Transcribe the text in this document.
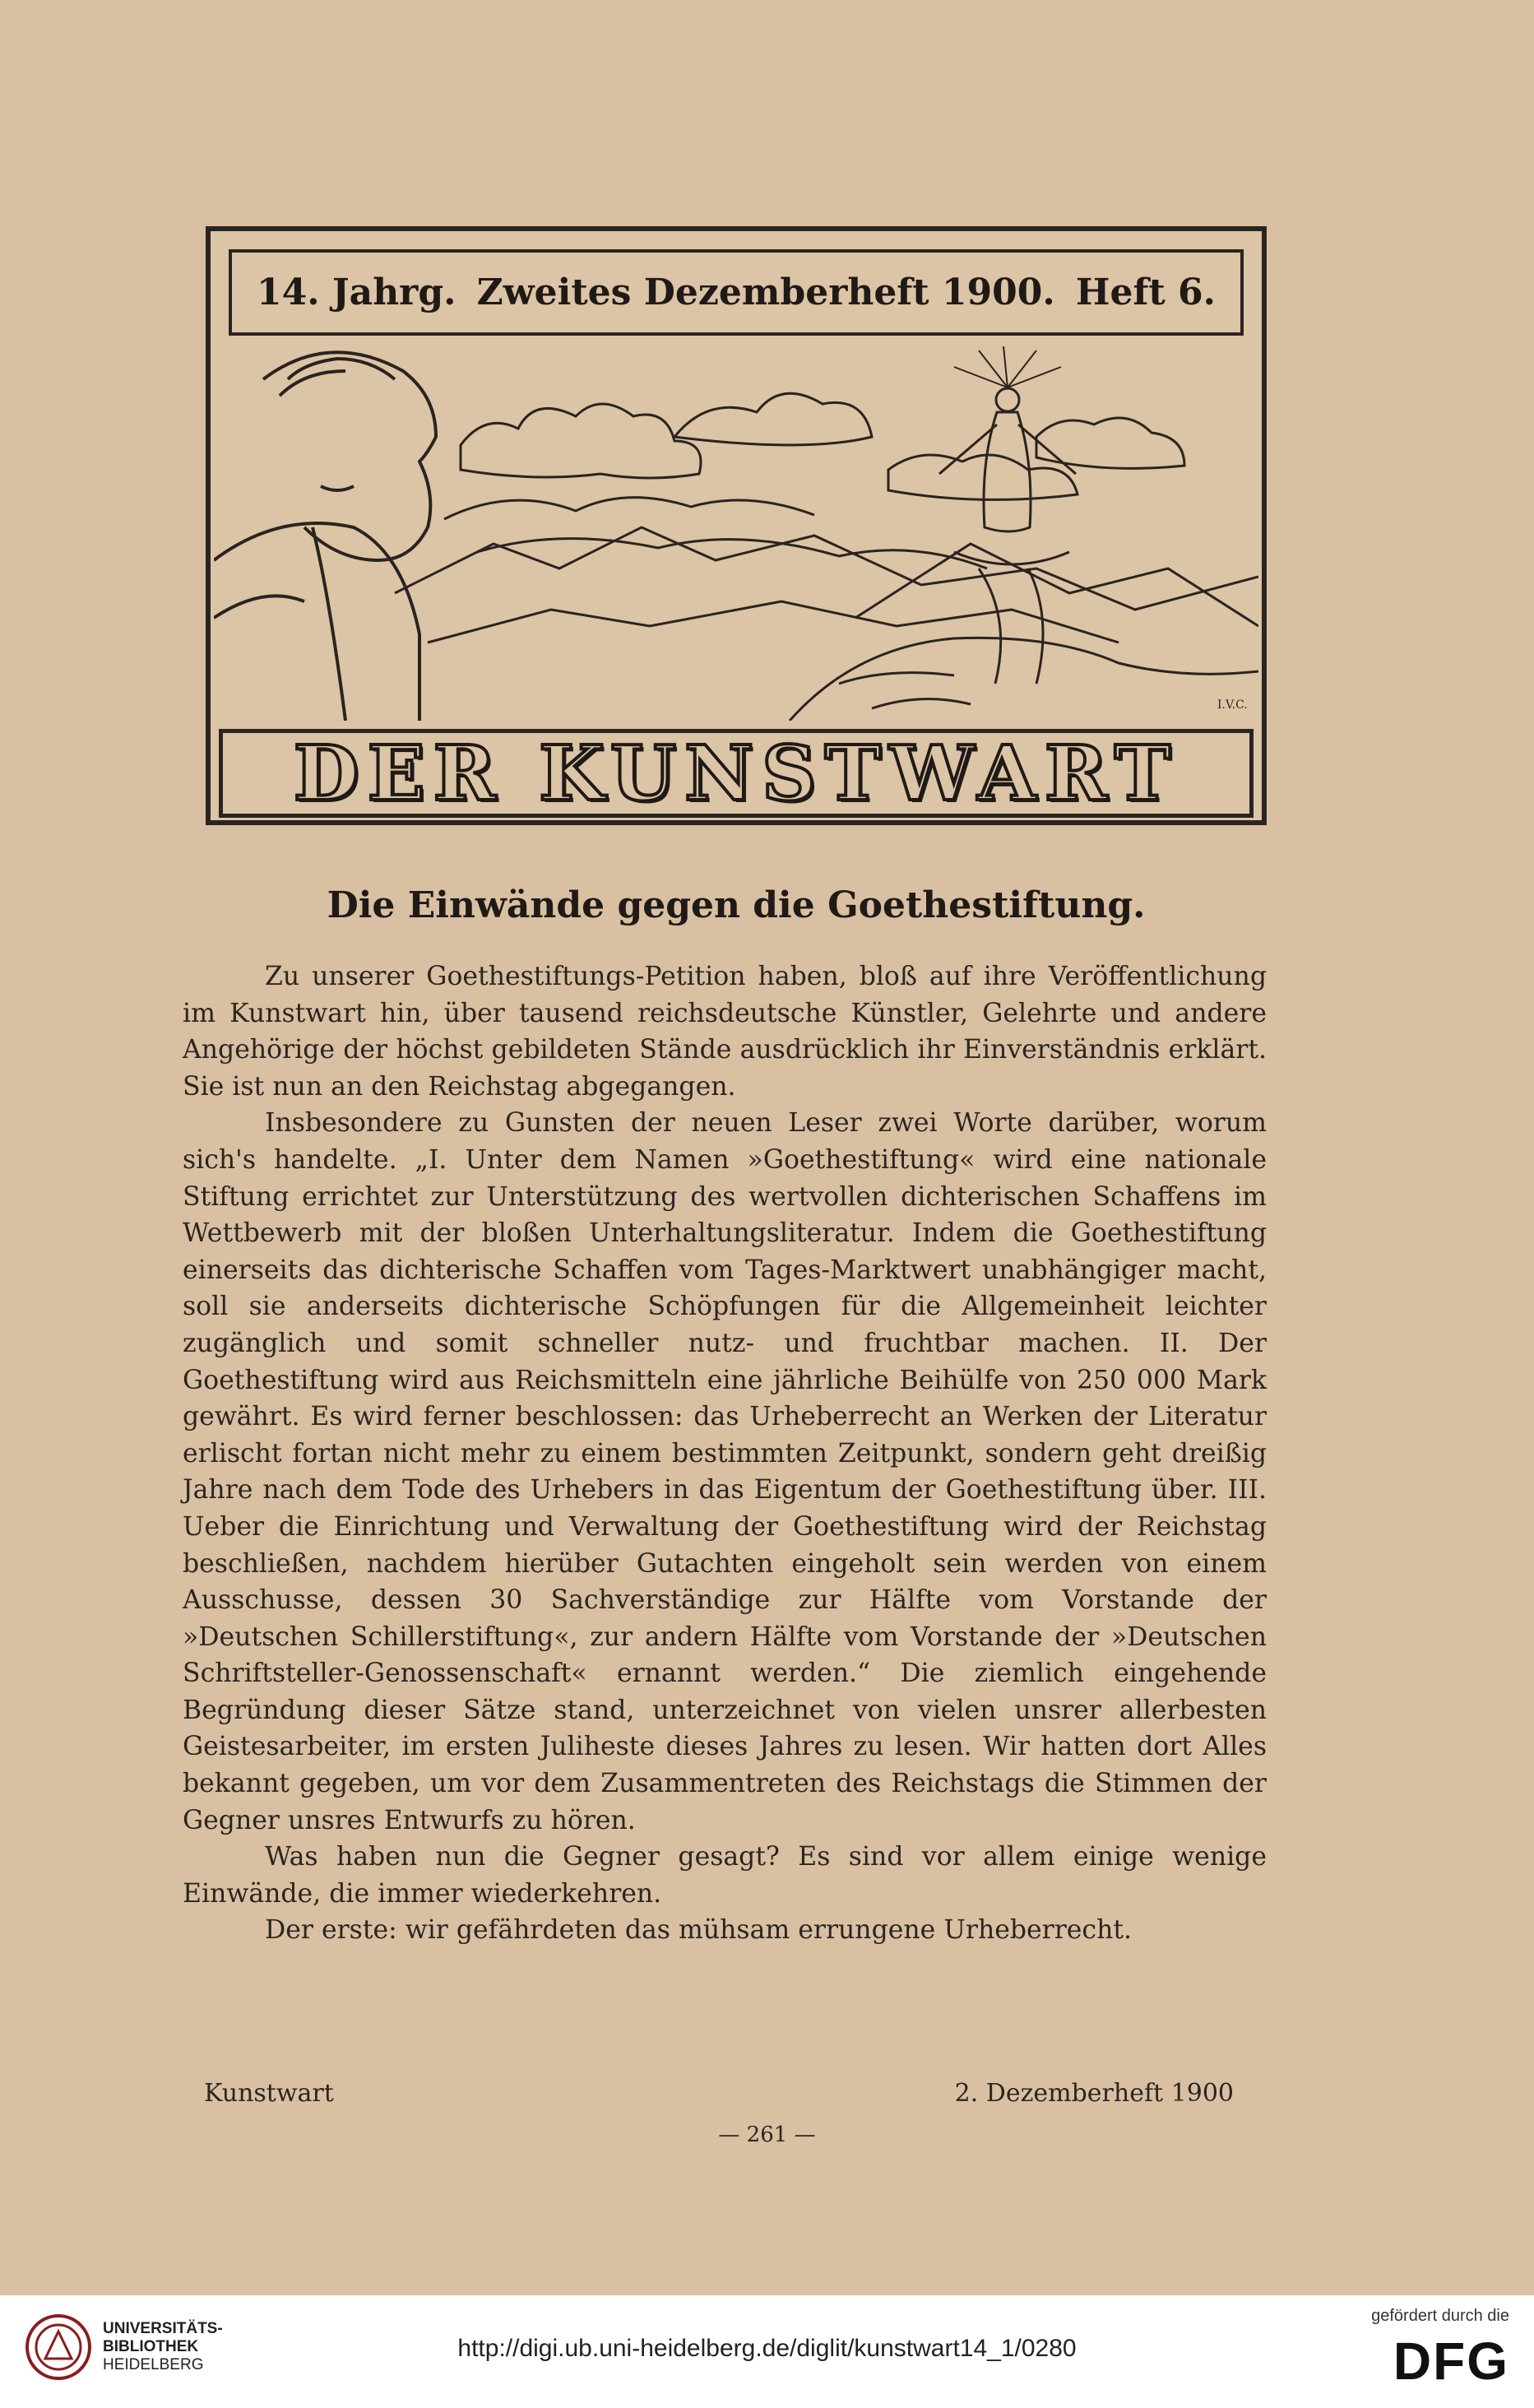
14. Jahrg. Zweites Dezemberheft 1900. Heft 6.
I.V.C.
DER KUNSTWART
Die Einwände gegen die Goethestiftung.

Zu unserer Goethestiftungs-Petition haben, bloß auf ihre Veröffentlichung im Kunstwart hin, über tausend reichsdeutsche Künstler, Gelehrte und andere Angehörige der höchst gebildeten Stände ausdrücklich ihr Einverständnis erklärt. Sie ist nun an den Reichstag abgegangen.

Insbesondere zu Gunsten der neuen Leser zwei Worte darüber, worum sich's handelte. „I. Unter dem Namen »Goethestiftung« wird eine nationale Stiftung errichtet zur Unterstützung des wertvollen dichterischen Schaffens im Wettbewerb mit der bloßen Unterhaltungsliteratur. Indem die Goethestiftung einerseits das dichterische Schaffen vom Tages-Marktwert unabhängiger macht, soll sie anderseits dichterische Schöpfungen für die Allgemeinheit leichter zugänglich und somit schneller nutz- und fruchtbar machen. II. Der Goethestiftung wird aus Reichsmitteln eine jährliche Beihülfe von 250 000 Mark gewährt. Es wird ferner beschlossen: das Urheberrecht an Werken der Literatur erlischt fortan nicht mehr zu einem bestimmten Zeitpunkt, sondern geht dreißig Jahre nach dem Tode des Urhebers in das Eigentum der Goethestiftung über. III. Ueber die Einrichtung und Verwaltung der Goethestiftung wird der Reichstag beschließen, nachdem hierüber Gutachten eingeholt sein werden von einem Ausschusse, dessen 30 Sachverständige zur Hälfte vom Vorstande der »Deutschen Schillerstiftung«, zur andern Hälfte vom Vorstande der »Deutschen Schriftsteller-Genossenschaft« ernannt werden.“ Die ziemlich eingehende Begründung dieser Sätze stand, unterzeichnet von vielen unsrer allerbesten Geistesarbeiter, im ersten Juliheste dieses Jahres zu lesen. Wir hatten dort Alles bekannt gegeben, um vor dem Zusammentreten des Reichstags die Stimmen der Gegner unsres Entwurfs zu hören.

Was haben nun die Gegner gesagt? Es sind vor allem einige wenige Einwände, die immer wiederkehren.

Der erste: wir gefährdeten das mühsam errungene Urheberrecht.

Kunstwart	2. Dezemberheft 1900
— 261 —
UNIVERSITÄTS-
BIBLIOTHEK
HEIDELBERG
http://digi.ub.uni-heidelberg.de/diglit/kunstwart14_1/0280
gefördert durch die
DFG
